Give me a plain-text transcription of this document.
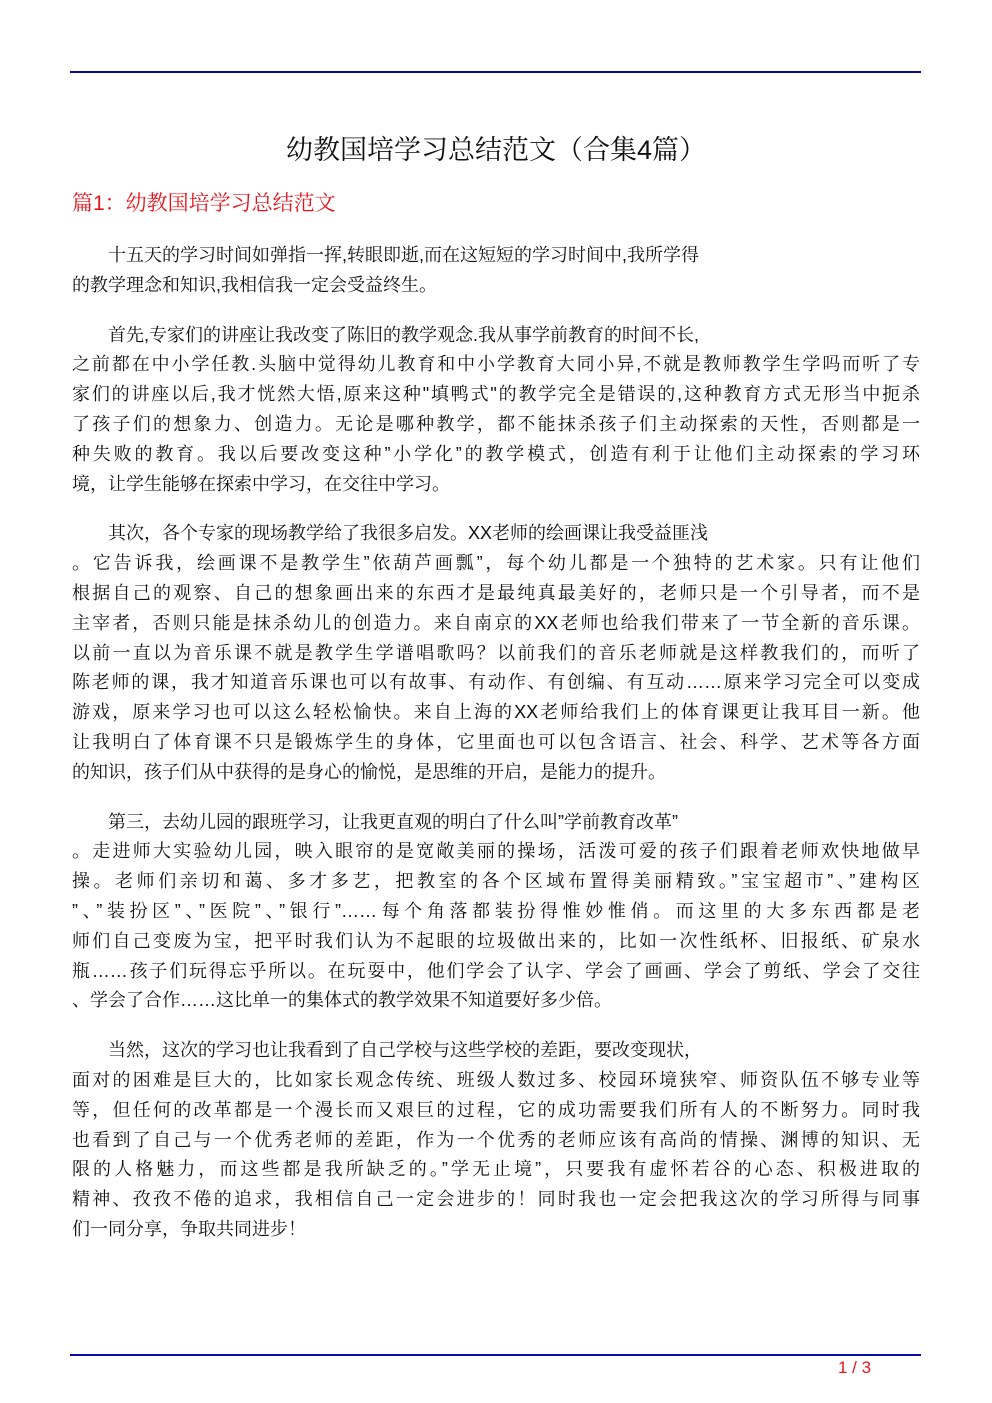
幼教国培学习总结范文（合集4篇）
篇1：幼教国培学习总结范文
十五天的学习时间如弹指一挥,转眼即逝,而在这短短的学习时间中,我所学得
的教学理念和知识,我相信我一定会受益终生。
首先,专家们的讲座让我改变了陈旧的教学观念.我从事学前教育的时间不长,
之前都在中小学任教.头脑中觉得幼儿教育和中小学教育大同小异,不就是教师教学生学吗而听了专
家们的讲座以后,我才恍然大悟,原来这种"填鸭式"的教学完全是错误的,这种教育方式无形当中扼杀
了孩子们的想象力、创造力。无论是哪种教学，都不能抹杀孩子们主动探索的天性，否则都是一
种失败的教育。我以后要改变这种”小学化”的教学模式，创造有利于让他们主动探索的学习环
境，让学生能够在探索中学习，在交往中学习。
其次，各个专家的现场教学给了我很多启发。XX老师的绘画课让我受益匪浅
。它告诉我，绘画课不是教学生”依葫芦画瓢”，每个幼儿都是一个独特的艺术家。只有让他们
根据自己的观察、自己的想象画出来的东西才是最纯真最美好的，老师只是一个引导者，而不是
主宰者，否则只能是抹杀幼儿的创造力。来自南京的XX老师也给我们带来了一节全新的音乐课。
以前一直以为音乐课不就是教学生学谱唱歌吗？以前我们的音乐老师就是这样教我们的，而听了
陈老师的课，我才知道音乐课也可以有故事、有动作、有创编、有互动……原来学习完全可以变成
游戏，原来学习也可以这么轻松愉快。来自上海的XX老师给我们上的体育课更让我耳目一新。他
让我明白了体育课不只是锻炼学生的身体，它里面也可以包含语言、社会、科学、艺术等各方面
的知识，孩子们从中获得的是身心的愉悦，是思维的开启，是能力的提升。
第三，去幼儿园的跟班学习，让我更直观的明白了什么叫”学前教育改革”
。走进师大实验幼儿园，映入眼帘的是宽敞美丽的操场，活泼可爱的孩子们跟着老师欢快地做早
操。老师们亲切和蔼、多才多艺，把教室的各个区域布置得美丽精致。”宝宝超市”、”建构区
”、”装扮区”、”医院”、”银行”……每个角落都装扮得惟妙惟俏。而这里的大多东西都是老
师们自己变废为宝，把平时我们认为不起眼的垃圾做出来的，比如一次性纸杯、旧报纸、矿泉水
瓶……孩子们玩得忘乎所以。在玩耍中，他们学会了认字、学会了画画、学会了剪纸、学会了交往
、学会了合作……这比单一的集体式的教学效果不知道要好多少倍。
当然，这次的学习也让我看到了自己学校与这些学校的差距，要改变现状，
面对的困难是巨大的，比如家长观念传统、班级人数过多、校园环境狭窄、师资队伍不够专业等
等，但任何的改革都是一个漫长而又艰巨的过程，它的成功需要我们所有人的不断努力。同时我
也看到了自己与一个优秀老师的差距，作为一个优秀的老师应该有高尚的情操、渊博的知识、无
限的人格魅力，而这些都是我所缺乏的。”学无止境”，只要我有虚怀若谷的心态、积极进取的
精神、孜孜不倦的追求，我相信自己一定会进步的！同时我也一定会把我这次的学习所得与同事
们一同分享，争取共同进步！
1 / 3
